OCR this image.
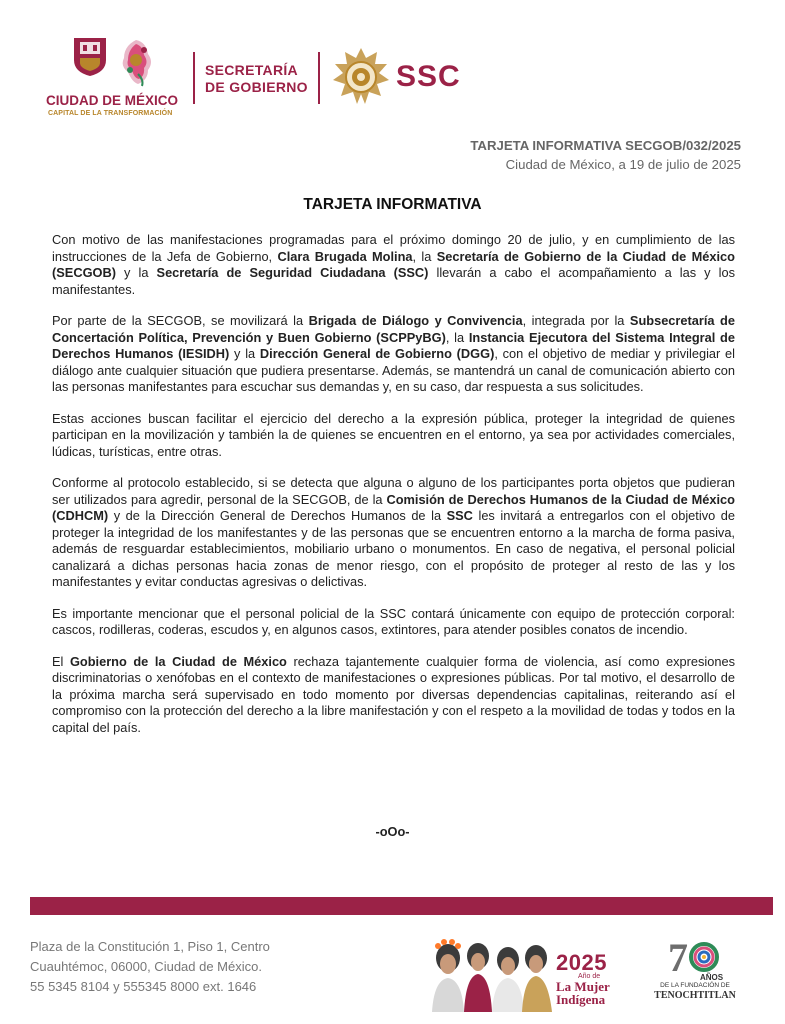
CIUDAD DE MÉXICO
CAPITAL DE LA TRANSFORMACIÓN
SECRETARÍA
DE GOBIERNO	SSC
TARJETA INFORMATIVA SECGOB/032/2025
Ciudad de México, a 19 de julio de 2025
TARJETA INFORMATIVA

Con motivo de las manifestaciones programadas para el próximo domingo 20 de julio, y en cumplimiento de las instrucciones de la Jefa de Gobierno, Clara Brugada Molina, la Secretaría de Gobierno de la Ciudad de México (SECGOB) y la Secretaría de Seguridad Ciudadana (SSC) llevarán a cabo el acompañamiento a las y los manifestantes.

Por parte de la SECGOB, se movilizará la Brigada de Diálogo y Convivencia, integrada por la Subsecretaría de Concertación Política, Prevención y Buen Gobierno (SCPPyBG), la Instancia Ejecutora del Sistema Integral de Derechos Humanos (IESIDH) y la Dirección General de Gobierno (DGG), con el objetivo de mediar y privilegiar el diálogo ante cualquier situación que pudiera presentarse. Además, se mantendrá un canal de comunicación abierto con las personas manifestantes para escuchar sus demandas y, en su caso, dar respuesta a sus solicitudes.

Estas acciones buscan facilitar el ejercicio del derecho a la expresión pública, proteger la integridad de quienes participan en la movilización y también la de quienes se encuentren en el entorno, ya sea por actividades comerciales, lúdicas, turísticas, entre otras.

Conforme al protocolo establecido, si se detecta que alguna o alguno de los participantes porta objetos que pudieran ser utilizados para agredir, personal de la SECGOB, de la Comisión de Derechos Humanos de la Ciudad de México (CDHCM) y de la Dirección General de Derechos Humanos de la SSC les invitará a entregarlos con el objetivo de proteger la integridad de los manifestantes y de las personas que se encuentren entorno a la marcha de forma pasiva, además de resguardar establecimientos, mobiliario urbano o monumentos. En caso de negativa, el personal policial canalizará a dichas personas hacia zonas de menor riesgo, con el propósito de proteger al resto de las y los manifestantes y evitar conductas agresivas o delictivas.

Es importante mencionar que el personal policial de la SSC contará únicamente con equipo de protección corporal: cascos, rodilleras, coderas, escudos y, en algunos casos, extintores, para atender posibles conatos de incendio.

El Gobierno de la Ciudad de México rechaza tajantemente cualquier forma de violencia, así como expresiones discriminatorias o xenófobas en el contexto de manifestaciones o expresiones públicas. Por tal motivo, el desarrollo de la próxima marcha será supervisado en todo momento por diversas dependencias capitalinas, reiterando así el compromiso con la protección del derecho a la libre manifestación y con el respeto a la movilidad de todas y todos en la capital del país.

-oOo-
Plaza de la Constitución 1, Piso 1, Centro
Cuauhtémoc, 06000, Ciudad de México.
55 5345 8104 y 555345 8000 ext. 1646
2025
Año de
La Mujer
Indígena
7 AÑOS
DE LA FUNDACIÓN DE
TENOCHTITLAN
